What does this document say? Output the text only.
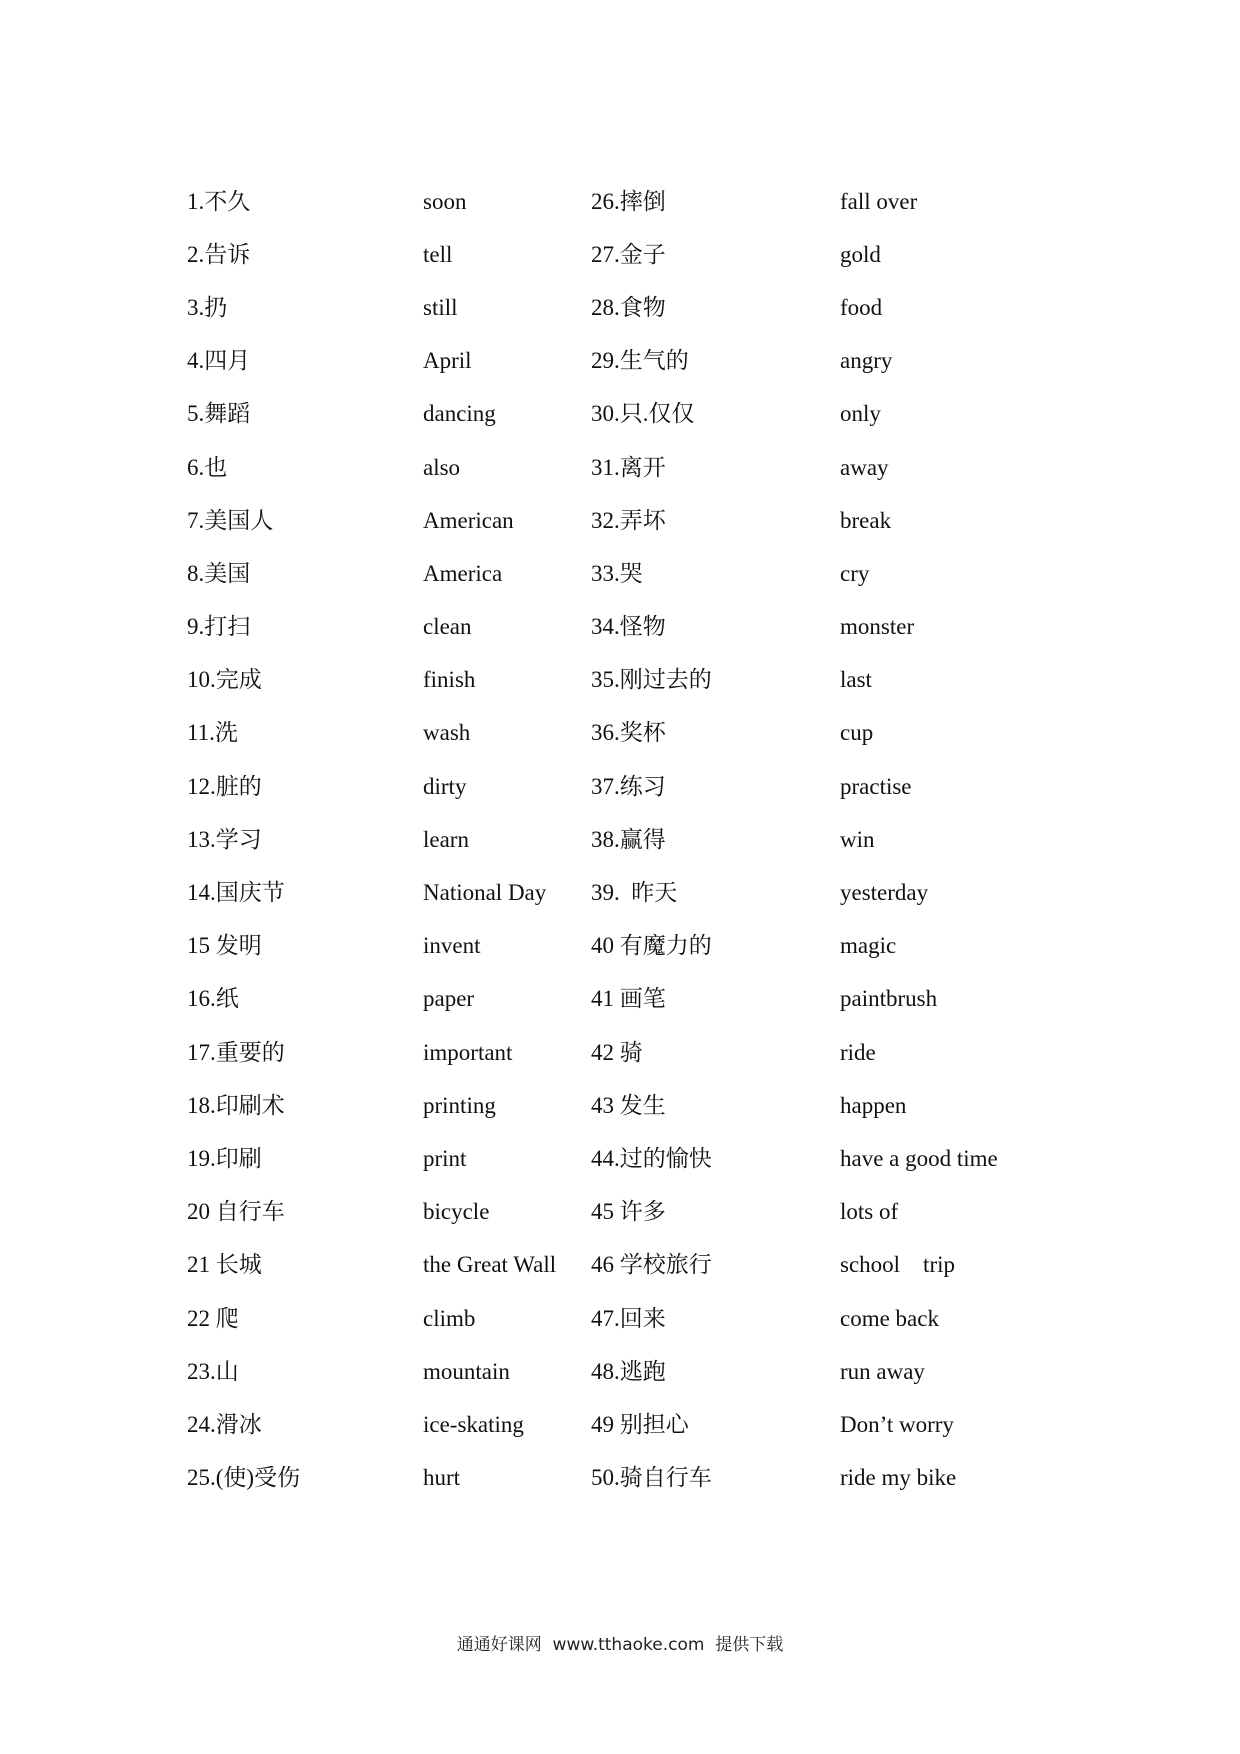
1.不久	soon	26.摔倒	fall over
2.告诉	tell	27.金子	gold
3.扔	still	28.食物	food
4.四月	April	29.生气的	angry
5.舞蹈	dancing	30.只.仅仅	only
6.也	also	31.离开	away
7.美国人	American	32.弄坏	break
8.美国	America	33.哭	cry
9.打扫	clean	34.怪物	monster
10.完成	finish	35.刚过去的	last
11.洗	wash	36.奖杯	cup
12.脏的	dirty	37.练习	practise
13.学习	learn	38.赢得	win
14.国庆节	National Day	39.  昨天	yesterday
15 发明	invent	40 有魔力的	magic
16.纸	paper	41 画笔	paintbrush
17.重要的	important	42 骑	ride
18.印刷术	printing	43 发生	happen
19.印刷	print	44.过的愉快	have a good time
20 自行车	bicycle	45 许多	lots of
21 长城	the Great Wall	46 学校旅行	school    trip
22 爬	climb	47.回来	come back
23.山	mountain	48.逃跑	run away
24.滑冰	ice-skating	49 别担心	Don’t worry
25.(使)受伤	hurt	50.骑自行车	ride my bike
通通好课网  www.tthaoke.com  提供下载
